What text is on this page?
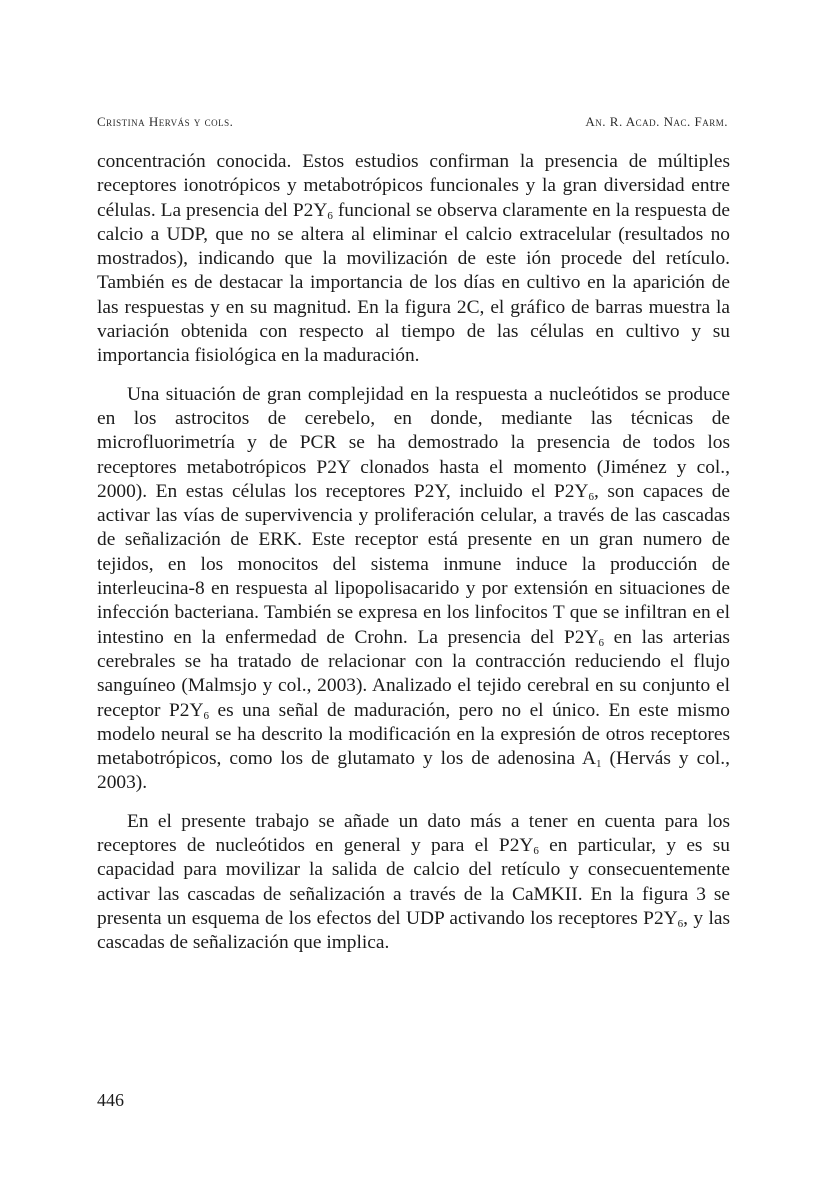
Cristina Hervás y cols.	An. R. Acad. Nac. Farm.

concentración conocida. Estos estudios confirman la presencia de múltiples receptores ionotrópicos y metabotrópicos funcionales y la gran diversidad entre células. La presencia del $P2Y_6$ funcional se observa claramente en la respuesta de calcio a UDP, que no se altera al eliminar el calcio extracelular (resultados no mostrados), indicando que la movilización de este ión procede del retículo. También es de destacar la importancia de los días en cultivo en la aparición de las respuestas y en su magnitud. En la figura 2C, el gráfico de barras muestra la variación obtenida con respecto al tiempo de las células en cultivo y su importancia fisiológica en la maduración.

Una situación de gran complejidad en la respuesta a nucleótidos se produce en los astrocitos de cerebelo, en donde, mediante las técnicas de microfluorimetría y de PCR se ha demostrado la presencia de todos los receptores metabotrópicos P2Y clonados hasta el momento (Jiménez y col., 2000). En estas células los receptores P2Y, incluido el $P2Y_6$, son capaces de activar las vías de supervivencia y proliferación celular, a través de las cascadas de señalización de ERK. Este receptor está presente en un gran numero de tejidos, en los monocitos del sistema inmune induce la producción de interleucina-8 en respuesta al lipopolisacarido y por extensión en situaciones de infección bacteriana. También se expresa en los linfocitos T que se infiltran en el intestino en la enfermedad de Crohn. La presencia del $P2Y_6$ en las arterias cerebrales se ha tratado de relacionar con la contracción reduciendo el flujo sanguíneo (Malmsjo y col., 2003). Analizado el tejido cerebral en su conjunto el receptor $P2Y_6$ es una señal de maduración, pero no el único. En este mismo modelo neural se ha descrito la modificación en la expresión de otros receptores metabotrópicos, como los de glutamato y los de adenosina $A_1$ (Hervás y col., 2003).

En el presente trabajo se añade un dato más a tener en cuenta para los receptores de nucleótidos en general y para el $P2Y_6$ en particular, y es su capacidad para movilizar la salida de calcio del retículo y consecuentemente activar las cascadas de señalización a través de la CaMKII. En la figura 3 se presenta un esquema de los efectos del UDP activando los receptores $P2Y_6$, y las cascadas de señalización que implica.

446
